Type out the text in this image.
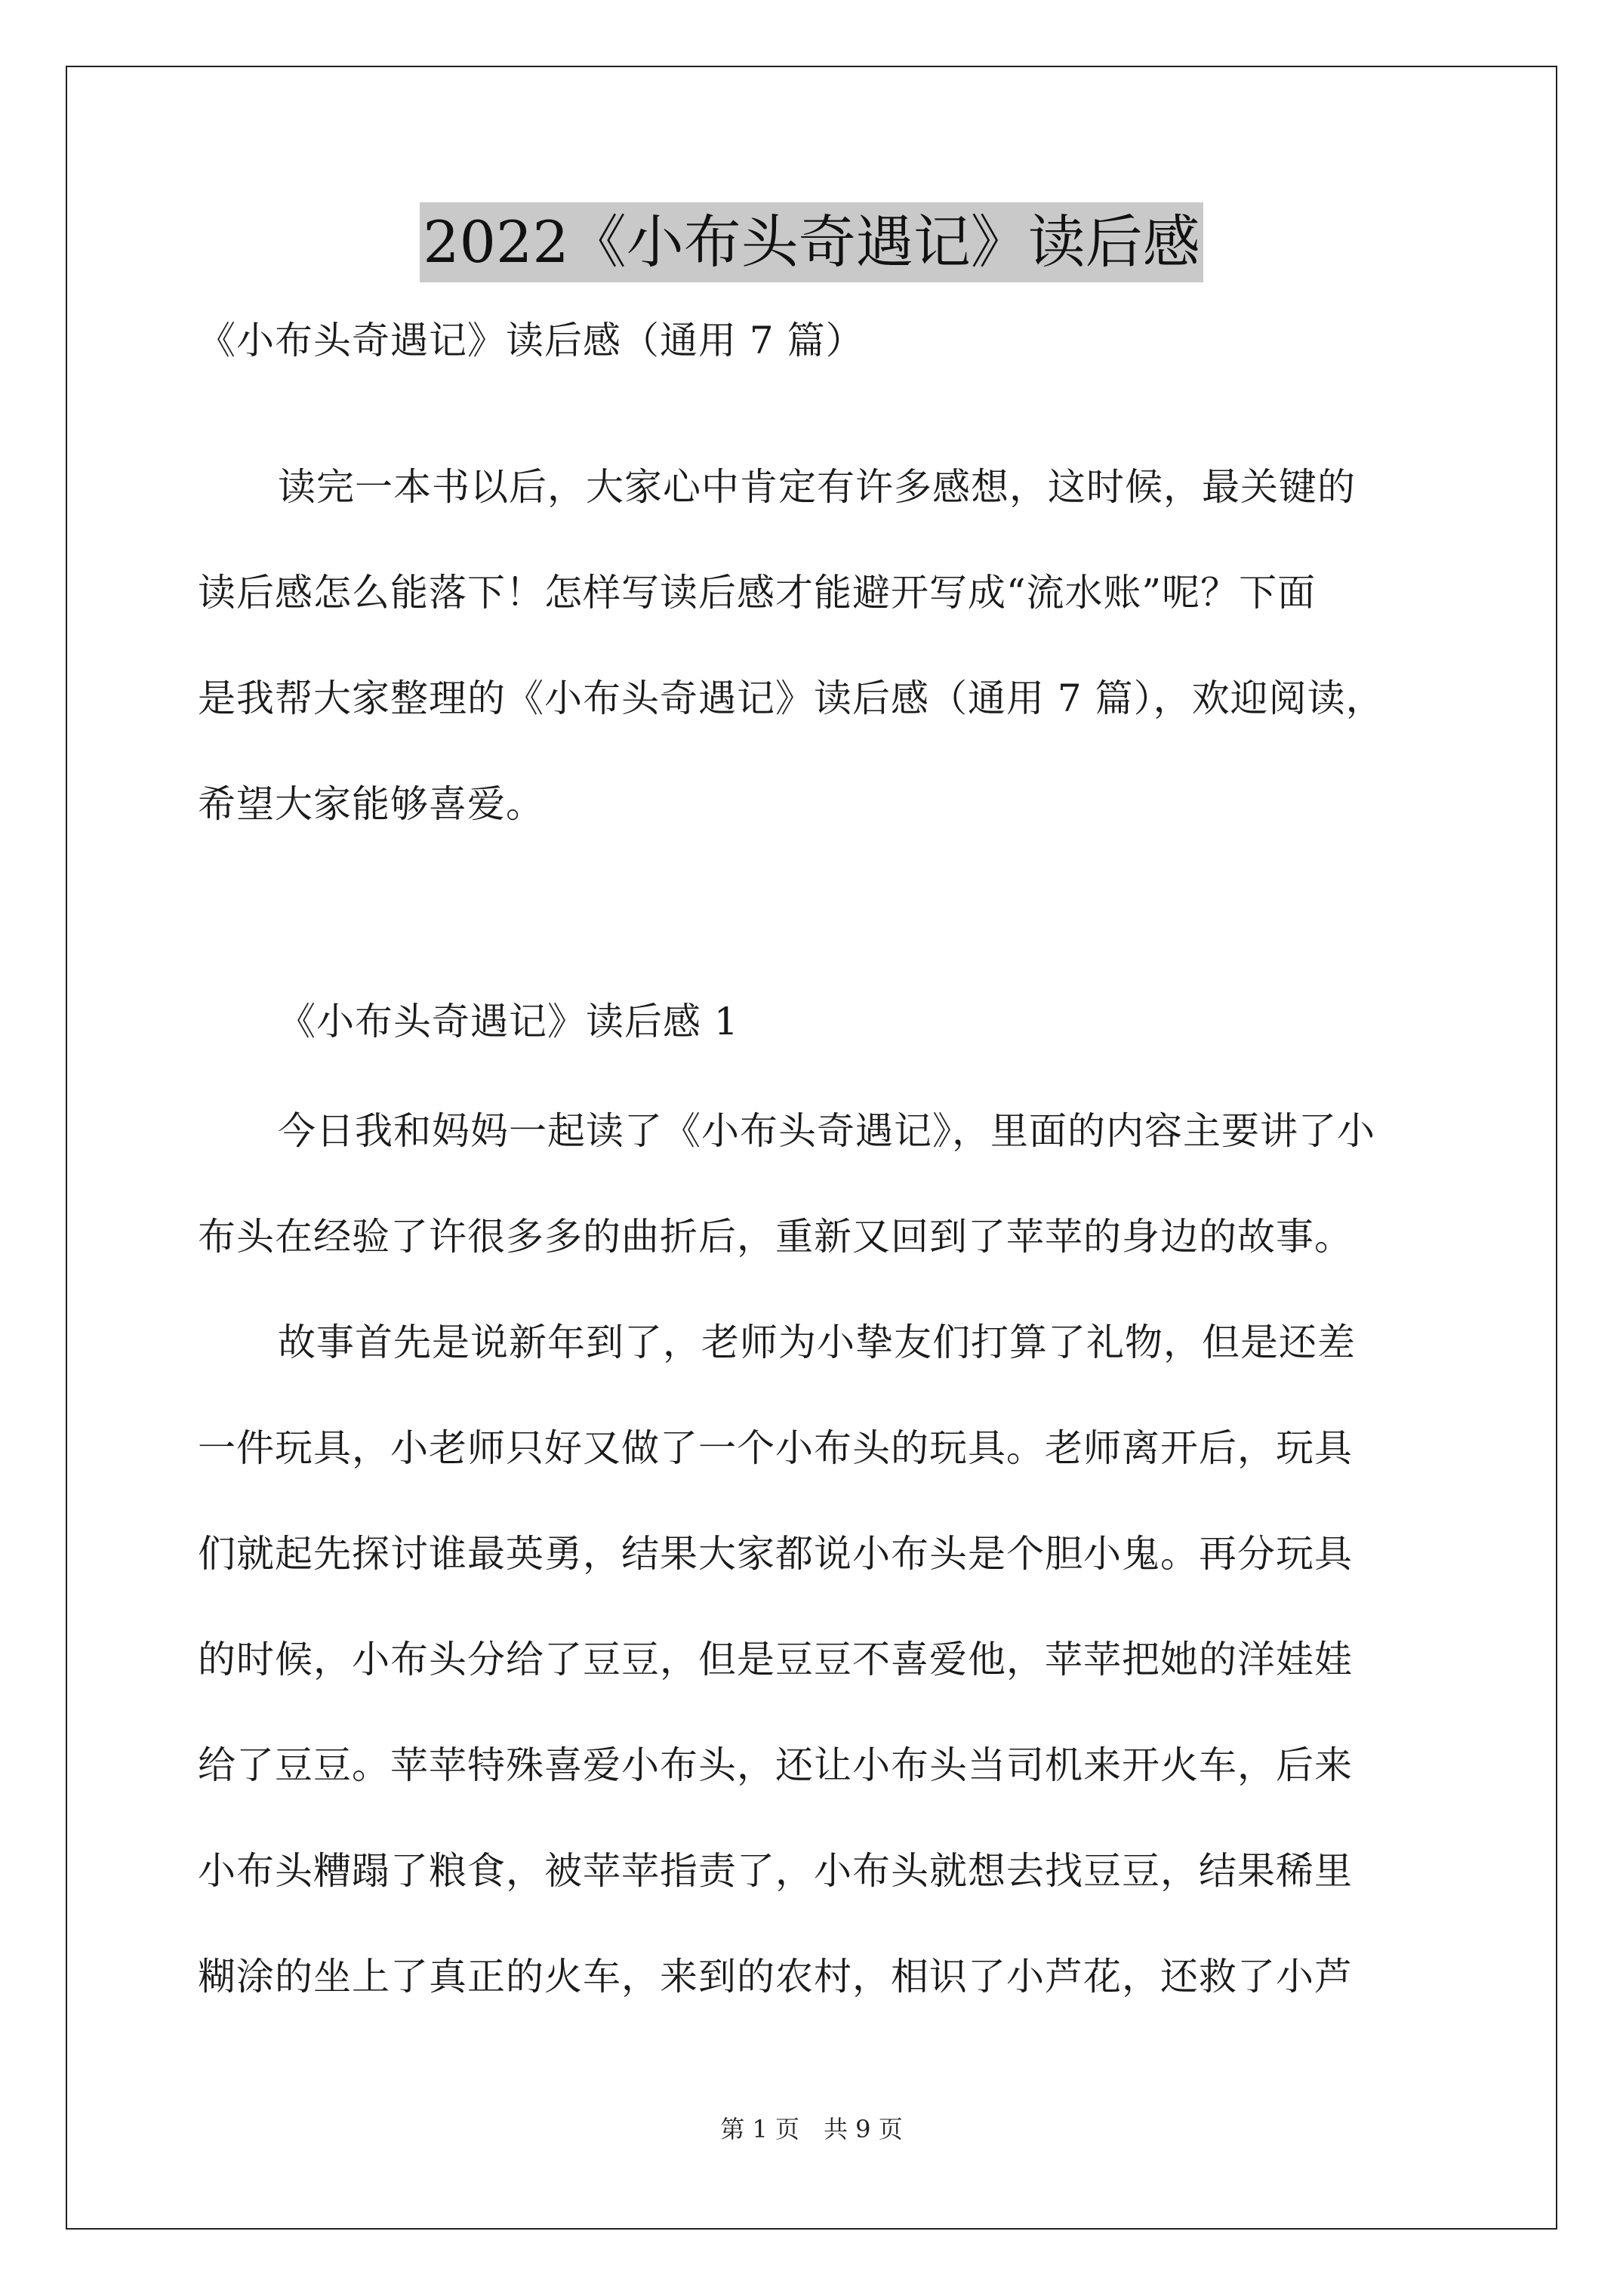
2022《小布头奇遇记》读后感
《小布头奇遇记》读后感（通用 7 篇）
读完一本书以后，大家心中肯定有许多感想，这时候，最关键的
读后感怎么能落下！怎样写读后感才能避开写成“流水账”呢？下面
是我帮大家整理的《小布头奇遇记》读后感（通用 7 篇），欢迎阅读，
希望大家能够喜爱。
《小布头奇遇记》读后感 1
今日我和妈妈一起读了《小布头奇遇记》，里面的内容主要讲了小
布头在经验了许很多多的曲折后，重新又回到了苹苹的身边的故事。
故事首先是说新年到了，老师为小挚友们打算了礼物，但是还差
一件玩具，小老师只好又做了一个小布头的玩具。老师离开后，玩具
们就起先探讨谁最英勇，结果大家都说小布头是个胆小鬼。再分玩具
的时候，小布头分给了豆豆，但是豆豆不喜爱他，苹苹把她的洋娃娃
给了豆豆。苹苹特殊喜爱小布头，还让小布头当司机来开火车，后来
小布头糟蹋了粮食，被苹苹指责了，小布头就想去找豆豆，结果稀里
糊涂的坐上了真正的火车，来到的农村，相识了小芦花，还救了小芦
第 1 页　共 9 页
